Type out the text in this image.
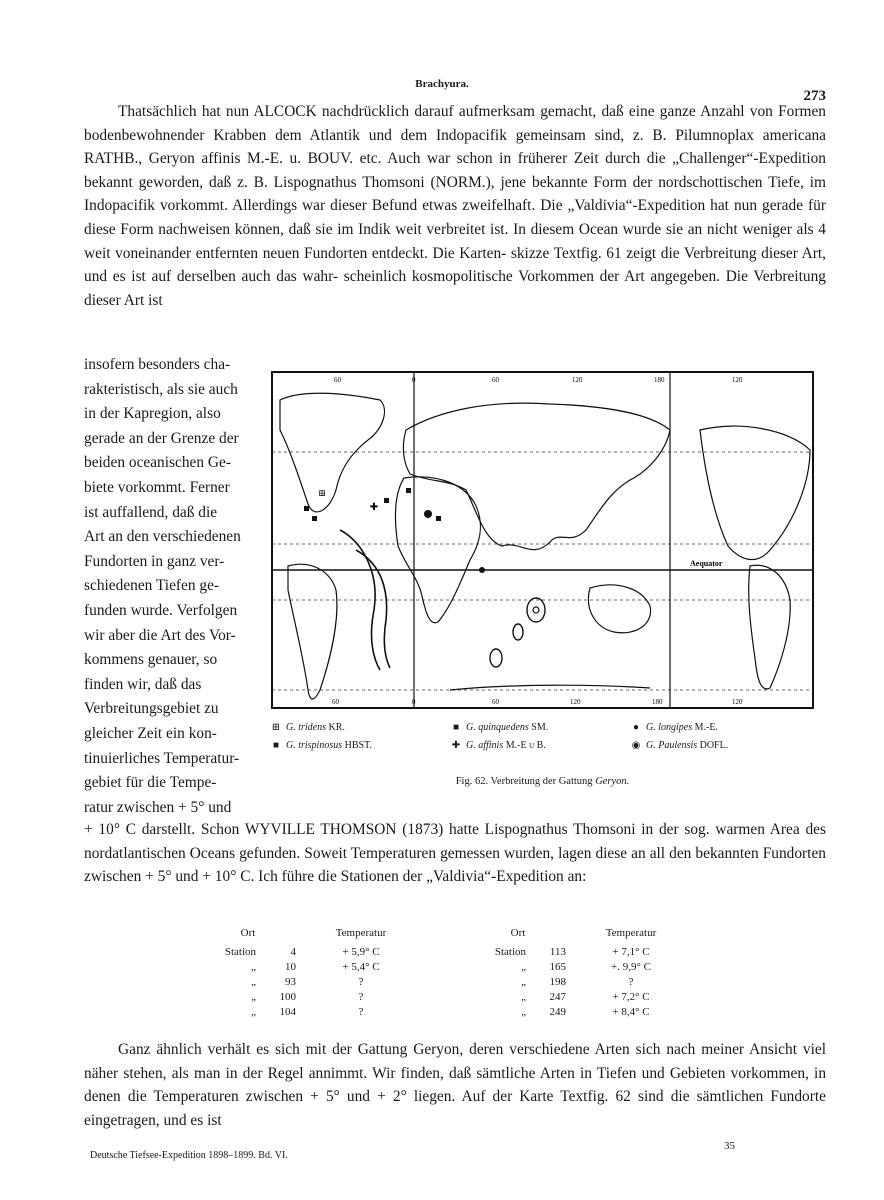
Brachyura.
273
Thatsächlich hat nun ALCOCK nachdrücklich darauf aufmerksam gemacht, daß eine ganze Anzahl von Formen bodenbewohnender Krabben dem Atlantik und dem Indopacifik gemeinsam sind, z. B. Pilumnoplax americana RATHB., Geryon affinis M.-E. u. BOUV. etc. Auch war schon in früherer Zeit durch die „Challenger“-Expedition bekannt geworden, daß z. B. Lispognathus Thomsoni (NORM.), jene bekannte Form der nordschottischen Tiefe, im Indopacifik vorkommt. Allerdings war dieser Befund etwas zweifelhaft. Die „Valdivia“-Expedition hat nun gerade für diese Form nachweisen können, daß sie im Indik weit verbreitet ist. In diesem Ocean wurde sie an nicht weniger als 4 weit voneinander entfernten neuen Fundorten entdeckt. Die Karten- skizze Textfig. 61 zeigt die Verbreitung dieser Art, und es ist auf derselben auch das wahr- scheinlich kosmopolitische Vorkommen der Art angegeben. Die Verbreitung dieser Art ist
insofern besonders cha-
rakteristisch, als sie auch
in der Kapregion, also
gerade an der Grenze der
beiden oceanischen Ge-
biete vorkommt. Ferner
ist auffallend, daß die
Art an den verschiedenen
Fundorten in ganz ver-
schiedenen Tiefen ge-
funden wurde. Verfolgen
wir aber die Art des Vor-
kommens genauer, so
finden wir, daß das
Verbreitungsgebiet zu
gleicher Zeit ein kon-
tinuierliches Temperatur-
gebiet für die Tempe-
ratur zwischen + 5° und
60	0	60	120	180	120
60	0	60	120	180	120
⊞
✚
Aequator
⊞ G. tridens KR.
■ G. trispinosus HBST.
■ G. quinquedens SM.
✚ G. affinis M.-E u B.
● G. longipes M.-E.
◉ G. Paulensis DOFL.
Fig. 62. Verbreitung der Gattung Geryon.
+ 10° C darstellt. Schon WYVILLE THOMSON (1873) hatte Lispognathus Thomsoni in der sog. warmen Area des nordatlantischen Oceans gefunden. Soweit Temperaturen gemessen wurden, lagen diese an all den bekannten Fundorten zwischen + 5° und + 10° C. Ich führe die Stationen der „Valdivia“-Expedition an:
Ort	Temperatur
Station	4	+ 5,9° C
„	10	+ 5,4° C
„	93	?
„	100	?
„	104	?
Ort	Temperatur
Station	113	+ 7,1° C
„	165	+. 9,9° C
„	198	?
„	247	+ 7,2° C
„	249	+ 8,4° C
Ganz ähnlich verhält es sich mit der Gattung Geryon, deren verschiedene Arten sich nach meiner Ansicht viel näher stehen, als man in der Regel annimmt. Wir finden, daß sämtliche Arten in Tiefen und Gebieten vorkommen, in denen die Temperaturen zwischen + 5° und + 2° liegen. Auf der Karte Textfig. 62 sind die sämtlichen Fundorte eingetragen, und es ist
35
Deutsche Tiefsee-Expedition 1898–1899. Bd. VI.
